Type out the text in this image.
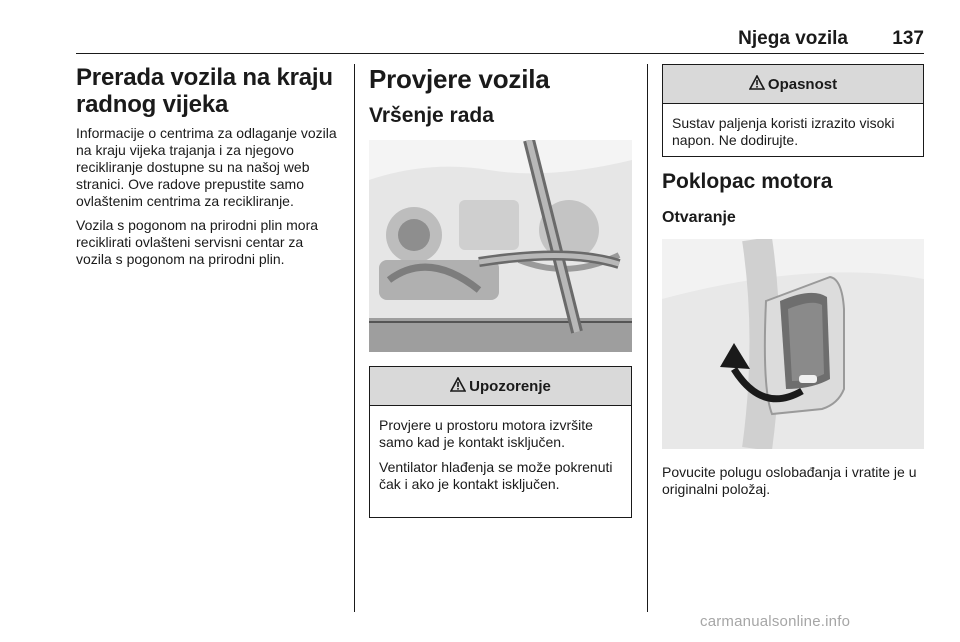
Njega vozila	137
Prerada vozila na kraju radnog vijeka

Informacije o centrima za odlaganje vozila na kraju vijeka trajanja i za njegovo recikliranje dostupne su na našoj web stranici. Ove radove prepustite samo ovlaštenim centrima za recikliranje.

Vozila s pogonom na prirodni plin mora reciklirati ovlašteni servisni centar za vozila s pogonom na prirodni plin.

Provjere vozila
Vršenje rada
Upozorenje

Provjere u prostoru motora izvršite samo kad je kontakt isključen.

Ventilator hlađenja se može pokrenuti čak i ako je kontakt isključen.

Opasnost

Sustav paljenja koristi izrazito visoki napon. Ne dodirujte.

Poklopac motora
Otvaranje

Povucite polugu oslobađanja i vratite je u originalni položaj.

carmanualsonline.info
